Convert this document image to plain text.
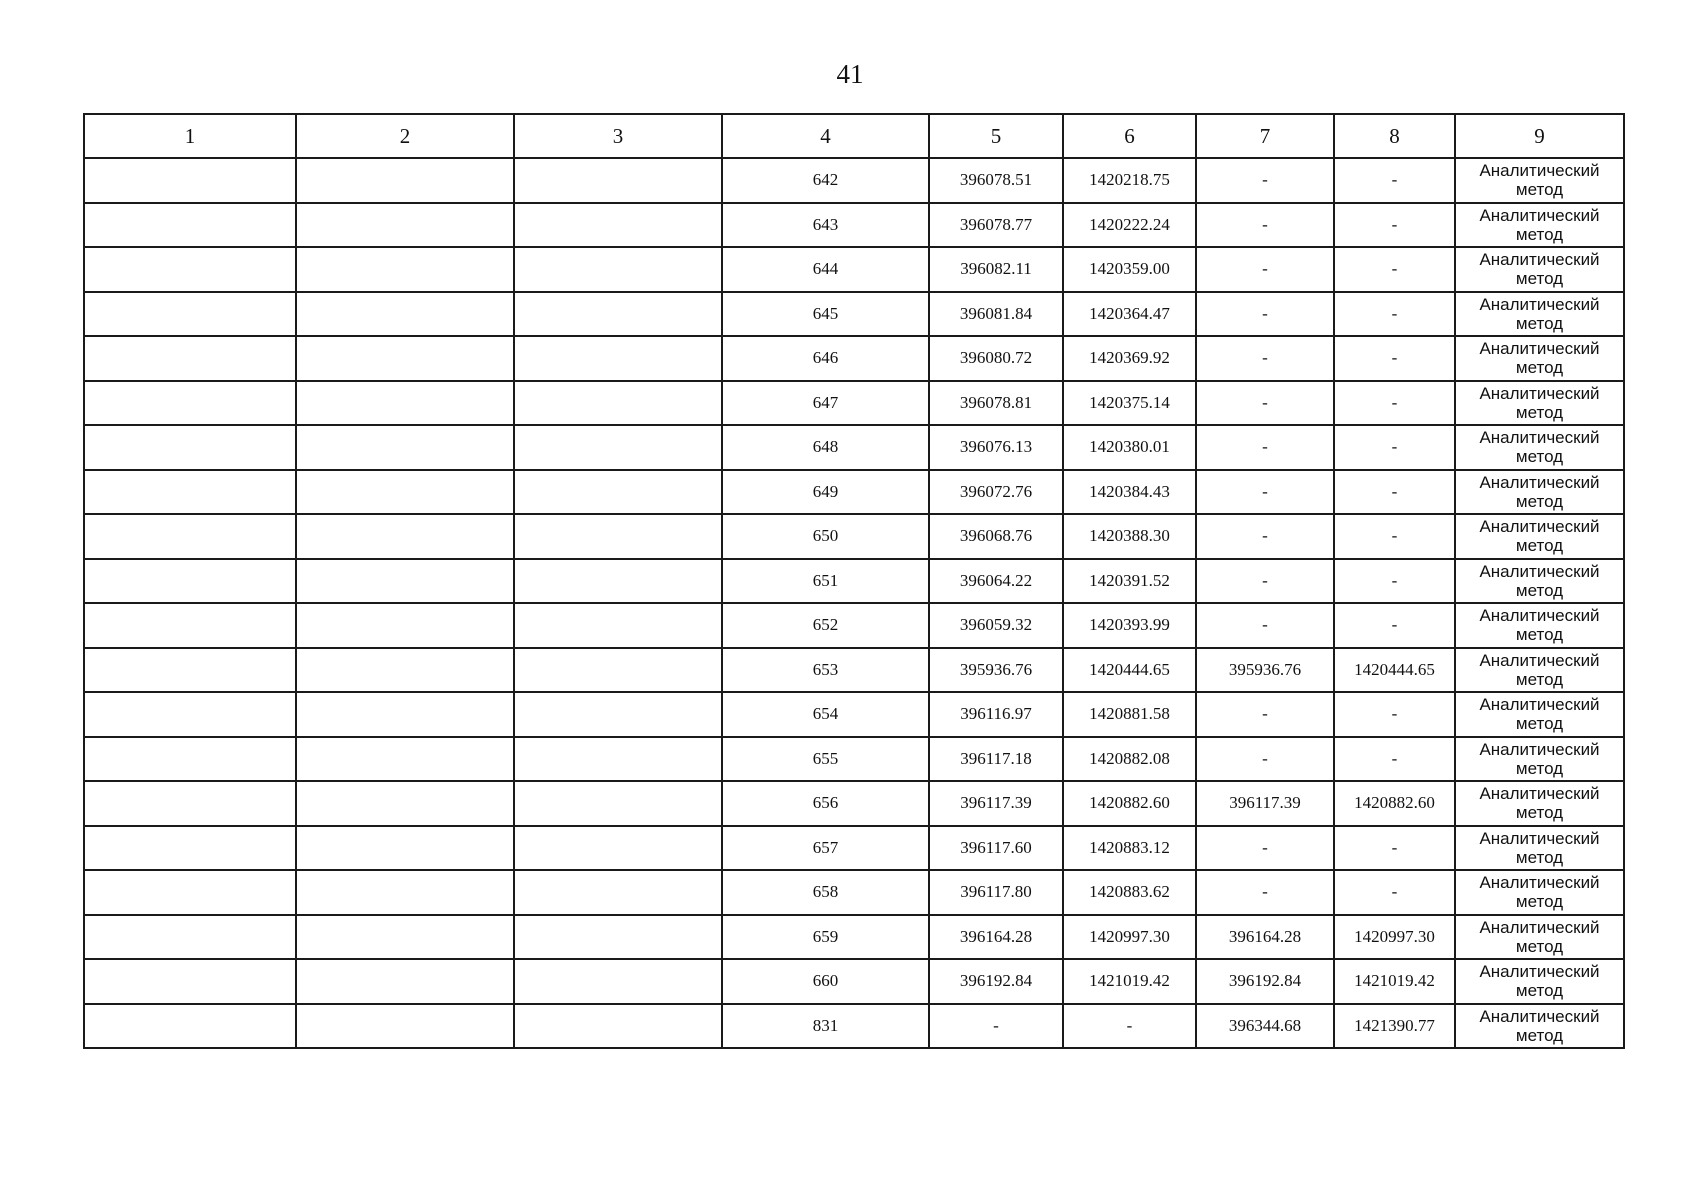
41
1	2	3	4	5	6	7	8	9
			642	396078.51	1420218.75	-	-	Аналитический
метод

			643	396078.77	1420222.24	-	-	Аналитический
метод

			644	396082.11	1420359.00	-	-	Аналитический
метод

			645	396081.84	1420364.47	-	-	Аналитический
метод

			646	396080.72	1420369.92	-	-	Аналитический
метод

			647	396078.81	1420375.14	-	-	Аналитический
метод

			648	396076.13	1420380.01	-	-	Аналитический
метод

			649	396072.76	1420384.43	-	-	Аналитический
метод

			650	396068.76	1420388.30	-	-	Аналитический
метод

			651	396064.22	1420391.52	-	-	Аналитический
метод

			652	396059.32	1420393.99	-	-	Аналитический
метод

			653	395936.76	1420444.65	395936.76	1420444.65	Аналитический
метод

			654	396116.97	1420881.58	-	-	Аналитический
метод

			655	396117.18	1420882.08	-	-	Аналитический
метод

			656	396117.39	1420882.60	396117.39	1420882.60	Аналитический
метод

			657	396117.60	1420883.12	-	-	Аналитический
метод

			658	396117.80	1420883.62	-	-	Аналитический
метод

			659	396164.28	1420997.30	396164.28	1420997.30	Аналитический
метод

			660	396192.84	1421019.42	396192.84	1421019.42	Аналитический
метод

			831	-	-	396344.68	1421390.77	Аналитический
метод
